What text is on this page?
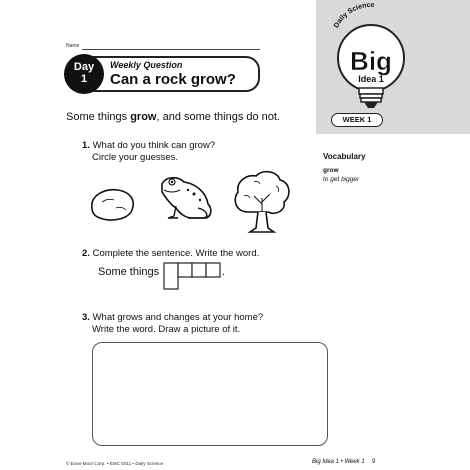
Daily Science
Big
Idea 1
WEEK 1
Vocabulary
grow
to get bigger
Name
Day
1
Weekly Question
Can a rock grow?
Some things grow, and some things do not.
1. What do you think can grow?
Circle your guesses.
2. Complete the sentence. Write the word.
Some things	.
3. What grows and changes at your home?
Write the word. Draw a picture of it.
© Evan-Moor Corp. • EMC 5011 • Daily Science	Big Idea 1 • Week 1 9
